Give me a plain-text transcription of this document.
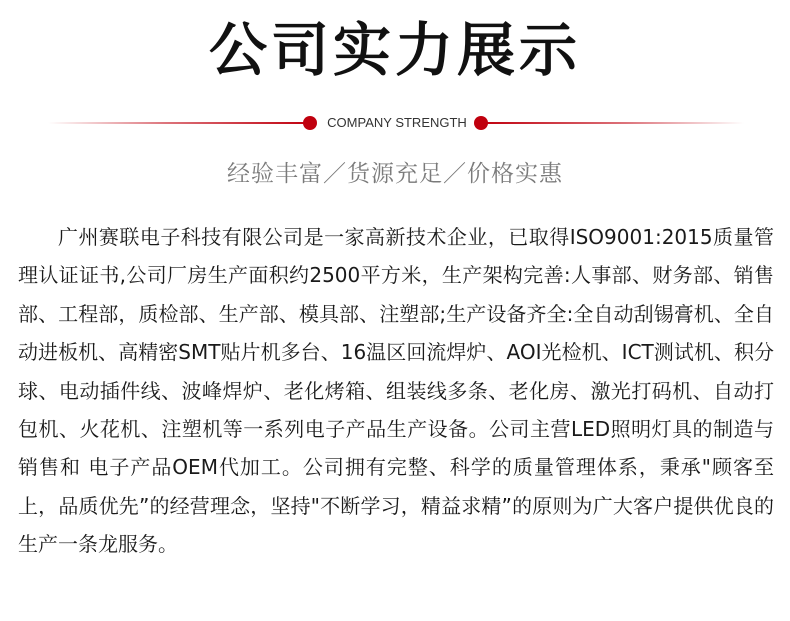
公司实力展示
COMPANY STRENGTH
经验丰富／货源充足／价格实惠
广州赛联电子科技有限公司是一家高新技术企业，已取得ISO9001:2015质量管理认证证书,公司厂房生产面积约2500平方米，生产架构完善:人事部、财务部、销售部、工程部，质检部、生产部、模具部、注塑部;生产设备齐全:全自动刮锡膏机、全自动进板机、高精密SMT贴片机多台、16温区回流焊炉、AOI光检机、ICT测试机、积分球、电动插件线、波峰焊炉、老化烤箱、组装线多条、老化房、激光打码机、自动打包机、火花机、注塑机等一系列电子产品生产设备。公司主营LED照明灯具的制造与销售和 电子产品OEM代加工。公司拥有完整、科学的质量管理体系，秉承"顾客至上，品质优先”的经营理念，坚持"不断学习，精益求精”的原则为广大客户提供优良的生产一条龙服务。
